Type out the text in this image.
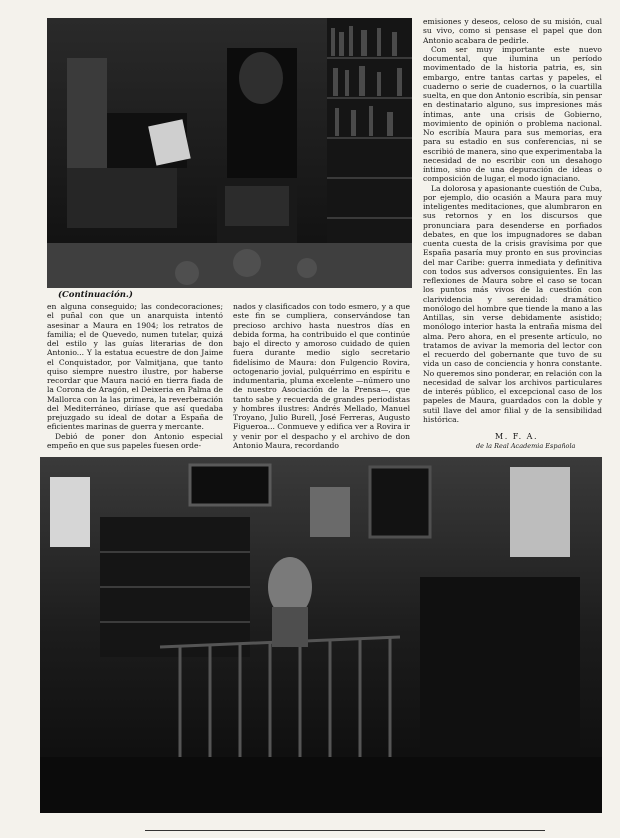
(Continuación.)

en alguna conseguido; las condecoraciones; el puñal con que un anarquista intentó asesinar a Maura en 1904; los retratos de familia; el de Quevedo, numen tutelar, quizá del estilo y las guías literarias de don Antonio... Y la estatua ecuestre de don Jaime el Conquistador, por Valmitjana, que tanto quiso siempre nuestro ilustre, por haberse recordar que Maura nació en tierra fiada de la Corona de Aragón, el Deixeria en Palma de Mallorca con la las primera, la reverberación del Mediterráneo, diríase que así quedaba prejuzgado su ideal de dotar a España de eficientes marinas de guerra y mercante.

Debió de poner don Antonio especial empeño en que sus papeles fuesen orde-

nados y clasificados con todo esmero, y a que este fin se cumpliera, conservándose tan precioso archivo hasta nuestros días en debida forma, ha contribuido el que continúe bajo el directo y amoroso cuidado de quien fuera durante medio siglo secretario fidelísimo de Maura: don Fulgencio Rovira, octogenario jovial, pulquérrimo en espíritu e indumentaria, pluma excelente —número uno de nuestro Asociación de la Prensa—, que tanto sabe y recuerda de grandes periodistas y hombres ilustres: Andrés Mellado, Manuel Troyano, Julio Burell, José Ferreras, Augusto Figueroa... Conmueve y edifica ver a Rovira ir y venir por el despacho y el archivo de don Antonio Maura, recordando

emisiones y deseos, celoso de su misión, cual su vivo, como si pensase el papel que don Antonio acabara de pedirle.

Con ser muy importante este nuevo documental, que ilumina un período movimentado de la historia patria, es, sin embargo, entre tantas cartas y papeles, el cuaderno o serie de cuadernos, o la cuartilla suelta, en que don Antonio escribía, sin pensar en destinatario alguno, sus impresiones más íntimas, ante una crisis de Gobierno, movimiento de opinión o problema nacional. No escribía Maura para sus memorias, era para su estadio en sus conferencias, ni se escribió de manera, sino que experimentaba la necesidad de no escribir con un desahogo íntimo, sino de una depuración de ideas o composición de lugar, el modo ignaciano.

La dolorosa y apasionante cuestión de Cuba, por ejemplo, dio ocasión a Maura para muy inteligentes meditaciones, que alumbraron en sus retornos y en los discursos que pronunciara para desenderse en porfiados debates, en que los impugnadores se daban cuenta cuesta de la crisis gravísima por que España pasaría muy pronto en sus provincias del mar Caribe: guerra inmediata y definitiva con todos sus adversos consiguientes. En las reflexiones de Maura sobre el caso se tocan los puntos más vivos de la cuestión con clarividencia y serenidad: dramático monólogo del hombre que tiende la mano a las Antillas, sin verse debidamente asistido; monólogo interior hasta la entraña misma del alma. Pero ahora, en el presente artículo, no tratamos de avivar la memoria del lector con el recuerdo del gobernante que tuvo de su vida un caso de conciencia y honra constante. No queremos sino ponderar, en relación con la necesidad de salvar los archivos particulares de interés público, el excepcional caso de los papeles de Maura, guardados con la doble y sutil llave del amor filial y de la sensibilidad histórica.

M. F. A.
de la Real Academia Española
